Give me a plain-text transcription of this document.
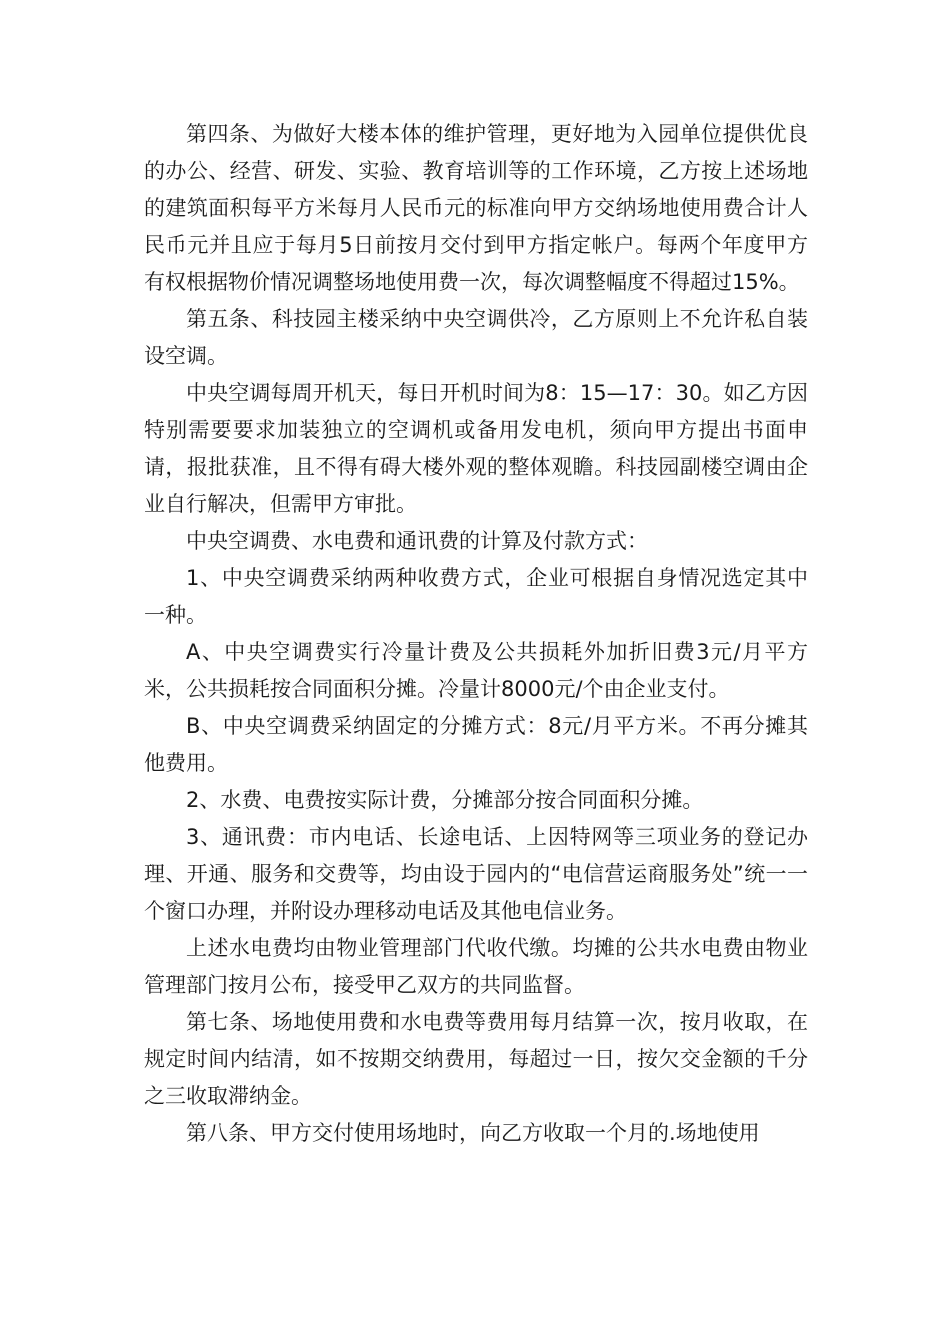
第四条、为做好大楼本体的维护管理，更好地为入园单位提供优良的办公、经营、研发、实验、教育培训等的工作环境，乙方按上述场地的建筑面积每平方米每月人民币元的标准向甲方交纳场地使用费合计人民币元并且应于每月5日前按月交付到甲方指定帐户。每两个年度甲方有权根据物价情况调整场地使用费一次，每次调整幅度不得超过15%。

第五条、科技园主楼采纳中央空调供冷，乙方原则上不允许私自装设空调。

中央空调每周开机天，每日开机时间为8：15—17：30。如乙方因特别需要要求加装独立的空调机或备用发电机，须向甲方提出书面申请，报批获准，且不得有碍大楼外观的整体观瞻。科技园副楼空调由企业自行解决，但需甲方审批。

中央空调费、水电费和通讯费的计算及付款方式：

1、中央空调费采纳两种收费方式，企业可根据自身情况选定其中一种。

A、中央空调费实行冷量计费及公共损耗外加折旧费3元/月平方米，公共损耗按合同面积分摊。冷量计8000元/个由企业支付。

B、中央空调费采纳固定的分摊方式：8元/月平方米。不再分摊其他费用。

2、水费、电费按实际计费，分摊部分按合同面积分摊。

3、通讯费：市内电话、长途电话、上因特网等三项业务的登记办理、开通、服务和交费等，均由设于园内的“电信营运商服务处”统一一个窗口办理，并附设办理移动电话及其他电信业务。

上述水电费均由物业管理部门代收代缴。均摊的公共水电费由物业管理部门按月公布，接受甲乙双方的共同监督。

第七条、场地使用费和水电费等费用每月结算一次，按月收取，在规定时间内结清，如不按期交纳费用，每超过一日，按欠交金额的千分之三收取滞纳金。

第八条、甲方交付使用场地时，向乙方收取一个月的.场地使用
